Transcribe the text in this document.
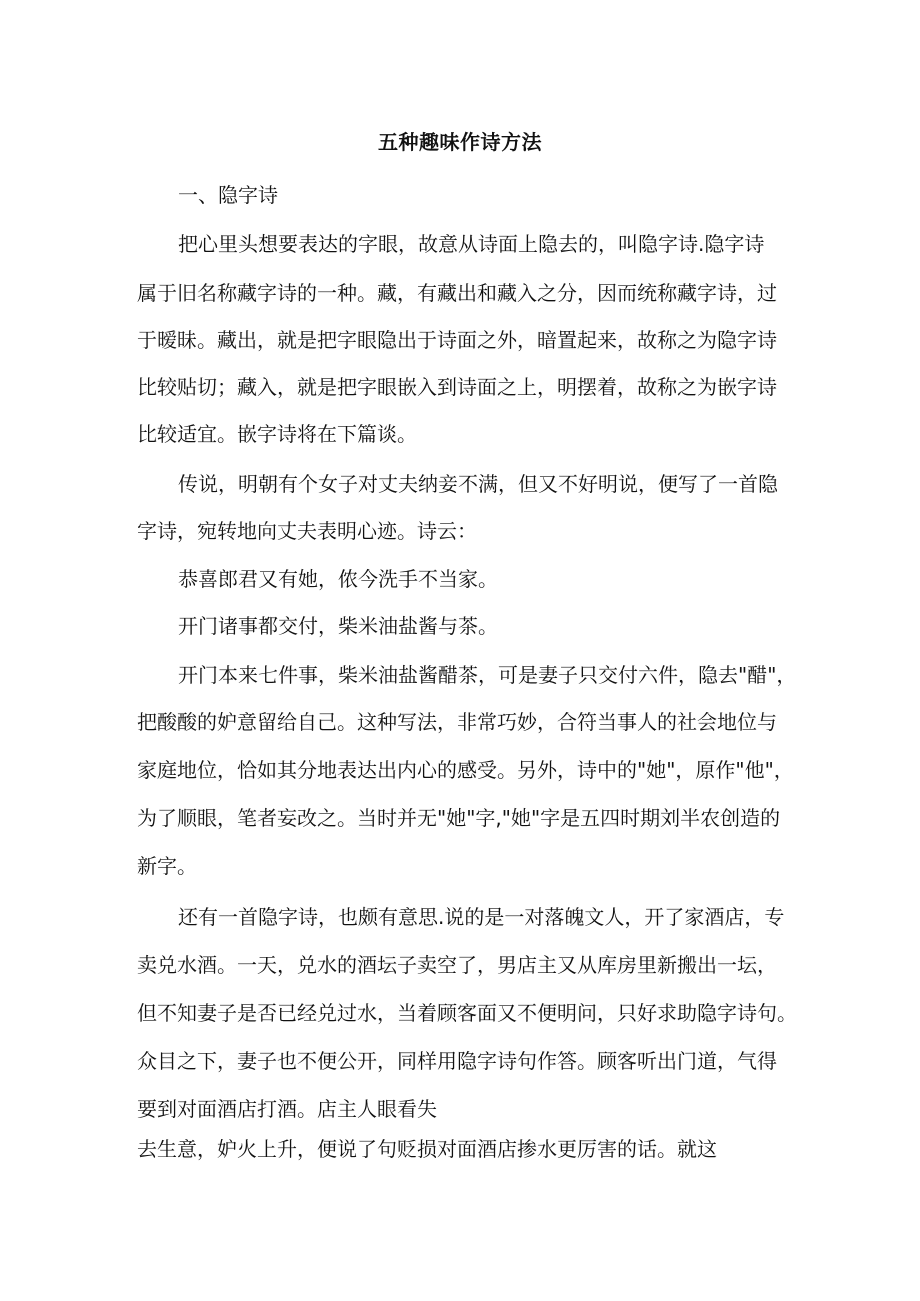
五种趣味作诗方法
一、隐字诗
把心里头想要表达的字眼，故意从诗面上隐去的，叫隐字诗.隐字诗
属于旧名称藏字诗的一种。藏，有藏出和藏入之分，因而统称藏字诗，过
于暧昧。藏出，就是把字眼隐出于诗面之外，暗置起来，故称之为隐字诗
比较贴切；藏入，就是把字眼嵌入到诗面之上，明摆着，故称之为嵌字诗
比较适宜。嵌字诗将在下篇谈。
传说，明朝有个女子对丈夫纳妾不满，但又不好明说，便写了一首隐
字诗，宛转地向丈夫表明心迹。诗云：
恭喜郎君又有她，侬今洗手不当家。
开门诸事都交付，柴米油盐酱与茶。
开门本来七件事，柴米油盐酱醋茶，可是妻子只交付六件，隐去"醋"，
把酸酸的妒意留给自己。这种写法，非常巧妙，合符当事人的社会地位与
家庭地位，恰如其分地表达出内心的感受。另外，诗中的"她"，原作"他"，
为了顺眼，笔者妄改之。当时并无"她"字,"她"字是五四时期刘半农创造的
新字。
还有一首隐字诗，也颇有意思.说的是一对落魄文人，开了家酒店，专
卖兑水酒。一天，兑水的酒坛子卖空了，男店主又从库房里新搬出一坛，
但不知妻子是否已经兑过水，当着顾客面又不便明问，只好求助隐字诗句。
众目之下，妻子也不便公开，同样用隐字诗句作答。顾客听出门道，气得
要到对面酒店打酒。店主人眼看失
去生意，妒火上升，便说了句贬损对面酒店掺水更厉害的话。就这
